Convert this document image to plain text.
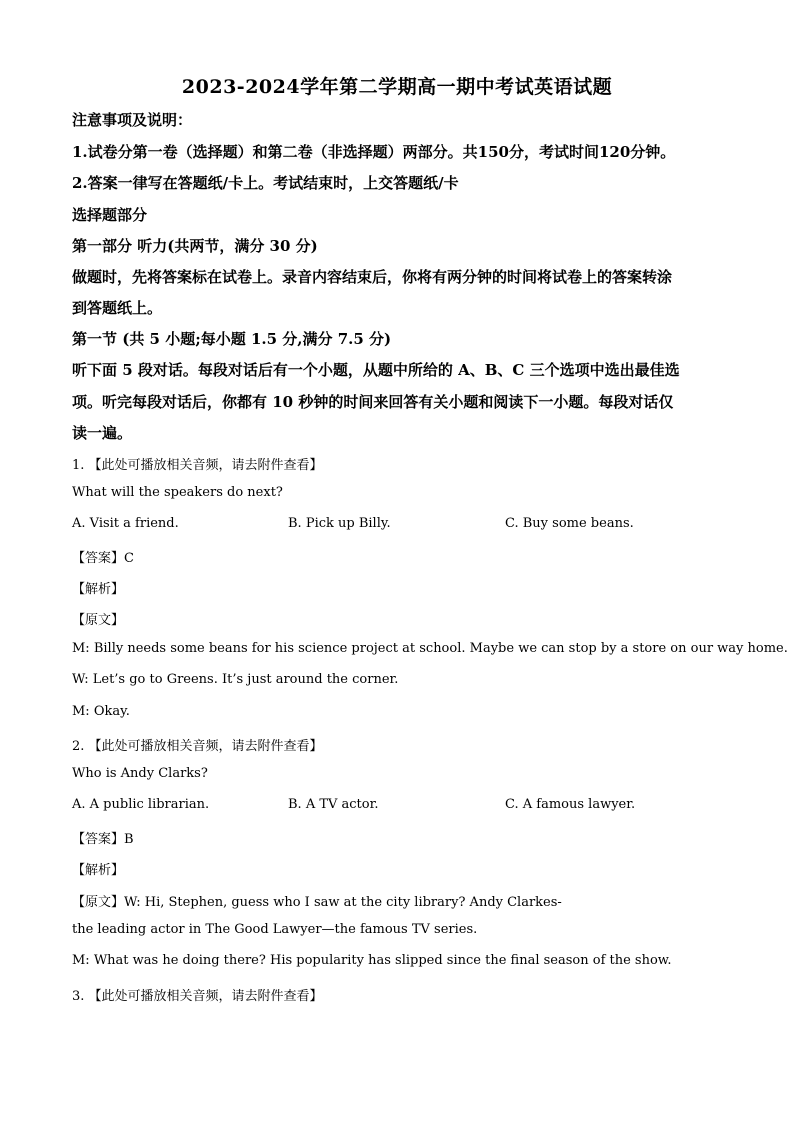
2023-2024学年第二学期高一期中考试英语试题
注意事项及说明：
1.试卷分第一卷（选择题）和第二卷（非选择题）两部分。共150分，考试时间120分钟。
2.答案一律写在答题纸/卡上。考试结束时，上交答题纸/卡
选择题部分
第一部分 听力(共两节，满分 30 分)
做题时，先将答案标在试卷上。录音内容结束后，你将有两分钟的时间将试卷上的答案转涂
到答题纸上。
第一节 (共 5 小题;每小题 1.5 分,满分 7.5 分)
听下面 5 段对话。每段对话后有一个小题，从题中所给的 A、B、C 三个选项中选出最佳选
项。听完每段对话后，你都有 10 秒钟的时间来回答有关小题和阅读下一小题。每段对话仅
读一遍。
1. 【此处可播放相关音频，请去附件查看】
What will the speakers do next?
A. Visit a friend.	B. Pick up Billy.	C. Buy some beans.
【答案】C
【解析】
【原文】
M: Billy needs some beans for his science project at school. Maybe we can stop by a store on our way home.
W: Let’s go to Greens. It’s just around the corner.
M: Okay.
2. 【此处可播放相关音频，请去附件查看】
Who is Andy Clarks?
A. A public librarian.	B. A TV actor.	C. A famous lawyer.
【答案】B
【解析】
【原文】W: Hi, Stephen, guess who I saw at the city library? Andy Clarkes-
the leading actor in The Good Lawyer—the famous TV series.
M: What was he doing there? His popularity has slipped since the final season of the show.
3. 【此处可播放相关音频，请去附件查看】
